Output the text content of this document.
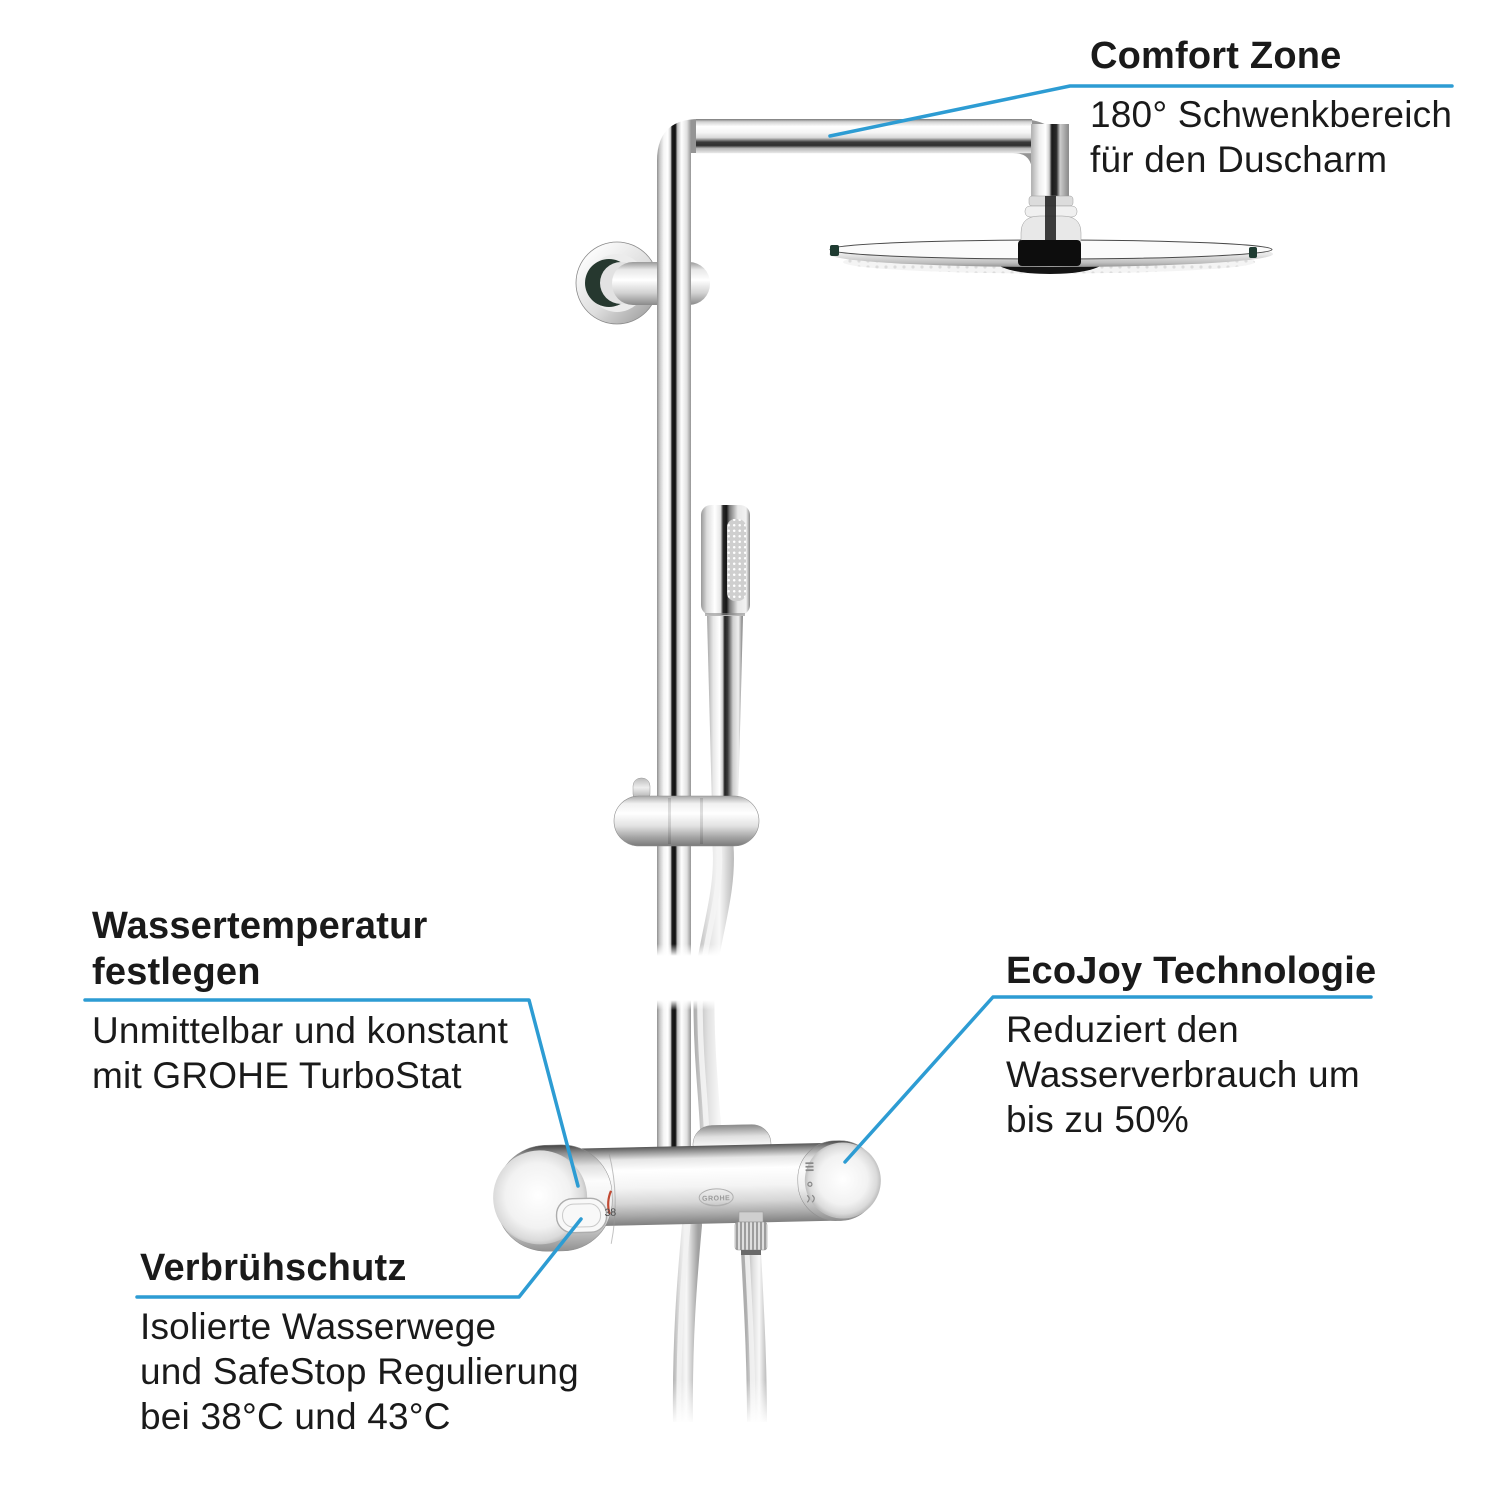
38
GROHE
Comfort Zone
180° Schwenkbereich
für den Duscharm
Wassertemperatur
festlegen
Unmittelbar und konstant
mit GROHE TurboStat
EcoJoy Technologie
Reduziert den
Wasserverbrauch um
bis zu 50%
Verbrühschutz
Isolierte Wasserwege
und SafeStop Regulierung
bei 38°C und 43°C
